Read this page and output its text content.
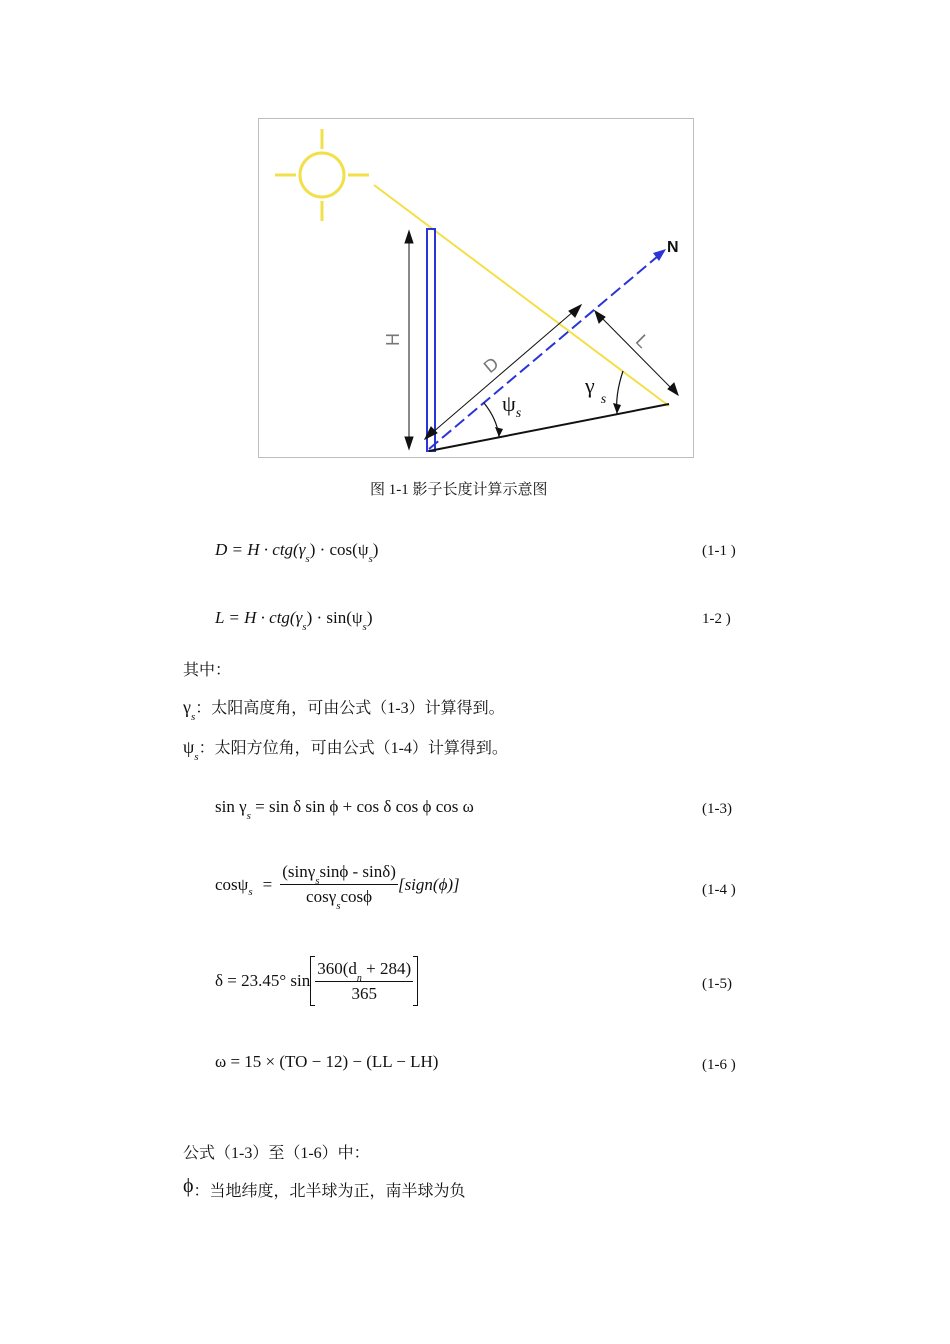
H
D
L
N
$\psi_s$
$\gamma_s$
图 1-1 影子长度计算示意图
$D = H \cdot ctg(\gamma_s) \cdot \cos(\psi_s)$	(1-1 )
$L = H \cdot ctg(\gamma_s) \cdot \sin(\psi_s)$	1-2 )
其中：
$\gamma_s$：太阳高度角，可由公式（1-3）计算得到。
$\psi_s$：太阳方位角，可由公式（1-4）计算得到。
$\sin \gamma_s = \sin \delta$ sin ϕ + cos δ cos ϕ cos ω	(1-3)
cosψ $s = \frac{(\sin\gamma_s\sin\phi - \sin\delta)}{\cos\gamma_s\cos\phi}$ [sign(ϕ)]	(1-4 )
δ = 23.45° $\sin \frac{360(d_n + 284)}{365}$	(1-5)
ω = 15 × (TO − 12) − (LL − LH)	(1-6 )
公式（1-3）至（1-6）中：
ϕ：当地纬度，北半球为正，南半球为负
